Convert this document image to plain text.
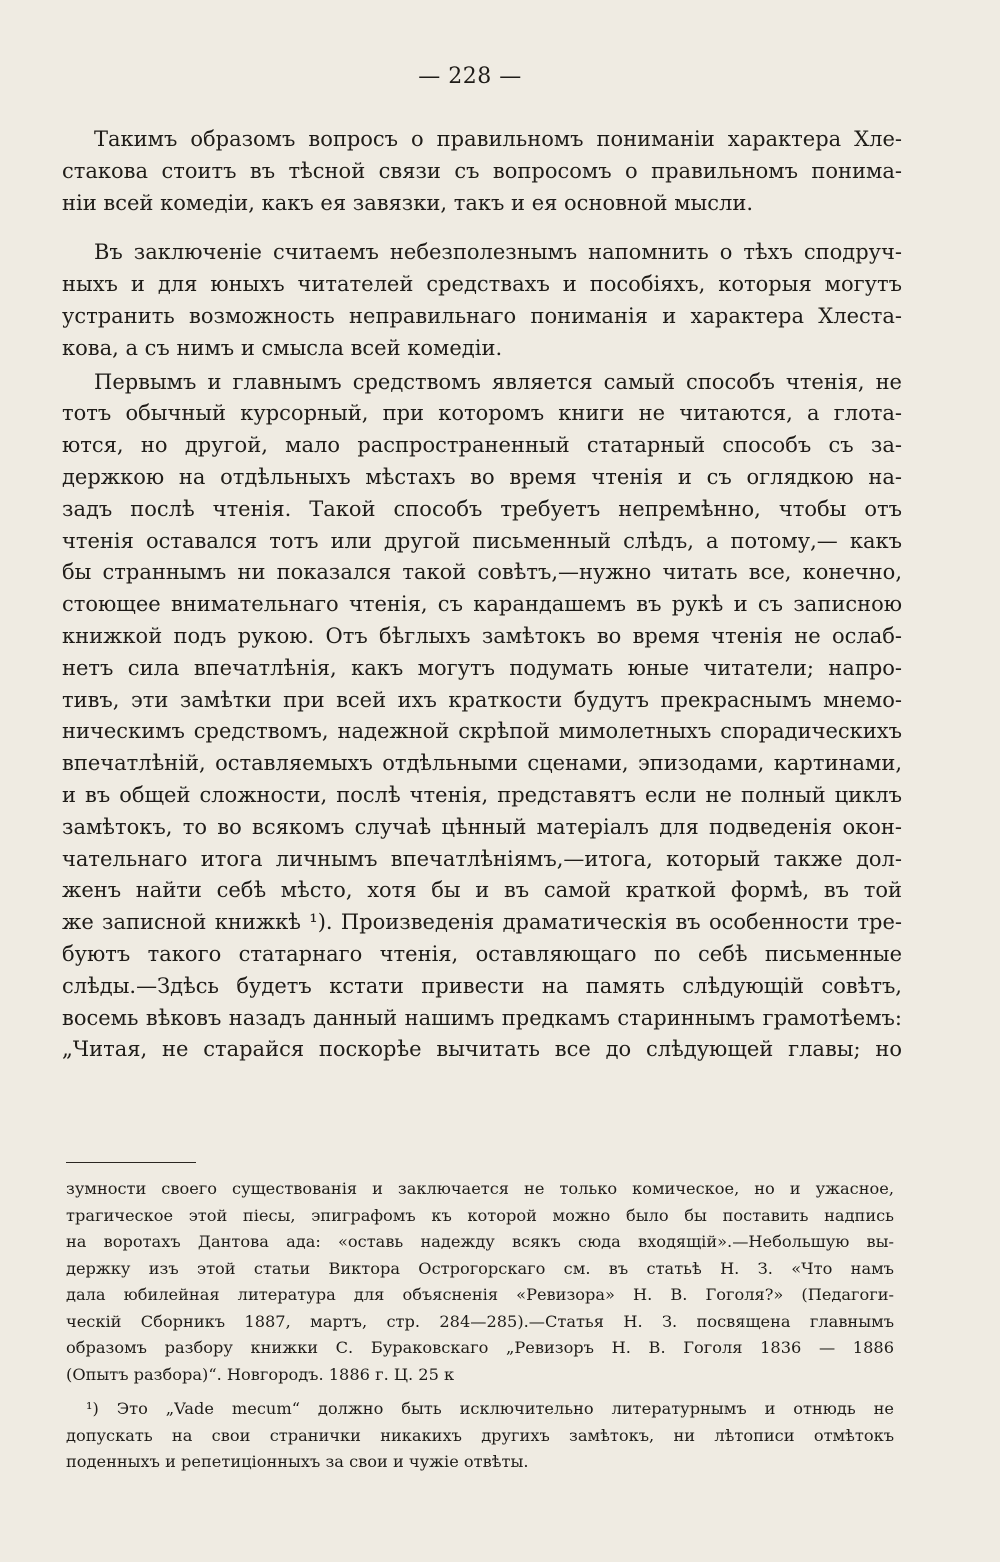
— 228 —

Такимъ образомъ вопросъ о правильномъ пониманіи характера Хле-

стакова стоитъ въ тѣсной связи съ вопросомъ о правильномъ понима-

ніи всей комедіи, какъ ея завязки, такъ и ея основной мысли.

Въ заключеніе считаемъ небезполезнымъ напомнить о тѣхъ сподруч-

ныхъ и для юныхъ читателей средствахъ и пособіяхъ, которыя могутъ

устранить возможность неправильнаго пониманія и характера Хлеста-

кова, а съ нимъ и смысла всей комедіи.

Первымъ и главнымъ средствомъ является самый способъ чтенія, не

тотъ обычный курсорный, при которомъ книги не читаются, а глота-

ются, но другой, мало распространенный статарный способъ съ за-

держкою на отдѣльныхъ мѣстахъ во время чтенія и съ оглядкою на-

задъ послѣ чтенія. Такой способъ требуетъ непремѣнно, чтобы отъ

чтенія оставался тотъ или другой письменный слѣдъ, а потому,— какъ

бы страннымъ ни показался такой совѣтъ,—нужно читать все, конечно,

стоющее внимательнаго чтенія, съ карандашемъ въ рукѣ и съ записною

книжкой подъ рукою. Отъ бѣглыхъ замѣтокъ во время чтенія не ослаб-

нетъ сила впечатлѣнія, какъ могутъ подумать юные читатели; напро-

тивъ, эти замѣтки при всей ихъ краткости будутъ прекраснымъ мнемо-

ническимъ средствомъ, надежной скрѣпой мимолетныхъ спорадическихъ

впечатлѣній, оставляемыхъ отдѣльными сценами, эпизодами, картинами,

и въ общей сложности, послѣ чтенія, представятъ если не полный циклъ

замѣтокъ, то во всякомъ случаѣ цѣнный матеріалъ для подведенія окон-

чательнаго итога личнымъ впечатлѣніямъ,—итога, который также дол-

женъ найти себѣ мѣсто, хотя бы и въ самой краткой формѣ, въ той

же записной книжкѣ ¹). Произведенія драматическія въ особенности тре-

буютъ такого статарнаго чтенія, оставляющаго по себѣ письменные

слѣды.—Здѣсь будетъ кстати привести на память слѣдующій совѣтъ,

восемь вѣковъ назадъ данный нашимъ предкамъ стариннымъ грамотѣемъ:

„Читая, не старайся поскорѣе вычитать все до слѣдующей главы; но

зумности своего существованія и заключается не только комическое, но и ужасное,

трагическое этой піесы, эпиграфомъ къ которой можно было бы поставить надпись

на воротахъ Дантова ада: «оставь надежду всякъ сюда входящій».—Небольшую вы-

держку изъ этой статьи Виктора Острогорскаго см. въ статьѣ Н. З. «Что намъ

дала юбилейная литература для объясненія «Ревизора» Н. В. Гоголя?» (Педагоги-

ческій Сборникъ 1887, мартъ, стр. 284—285).—Статья Н. З. посвящена главнымъ

образомъ разбору книжки С. Бураковскаго „Ревизоръ Н. В. Гоголя 1836 — 1886

(Опытъ разбора)“. Новгородъ. 1886 г. Ц. 25 к

¹) Это „Vade mecum“ должно быть исключительно литературнымъ и отнюдь не

допускать на свои странички никакихъ другихъ замѣтокъ, ни лѣтописи отмѣтокъ

поденныхъ и репетиціонныхъ за свои и чужіе отвѣты.
